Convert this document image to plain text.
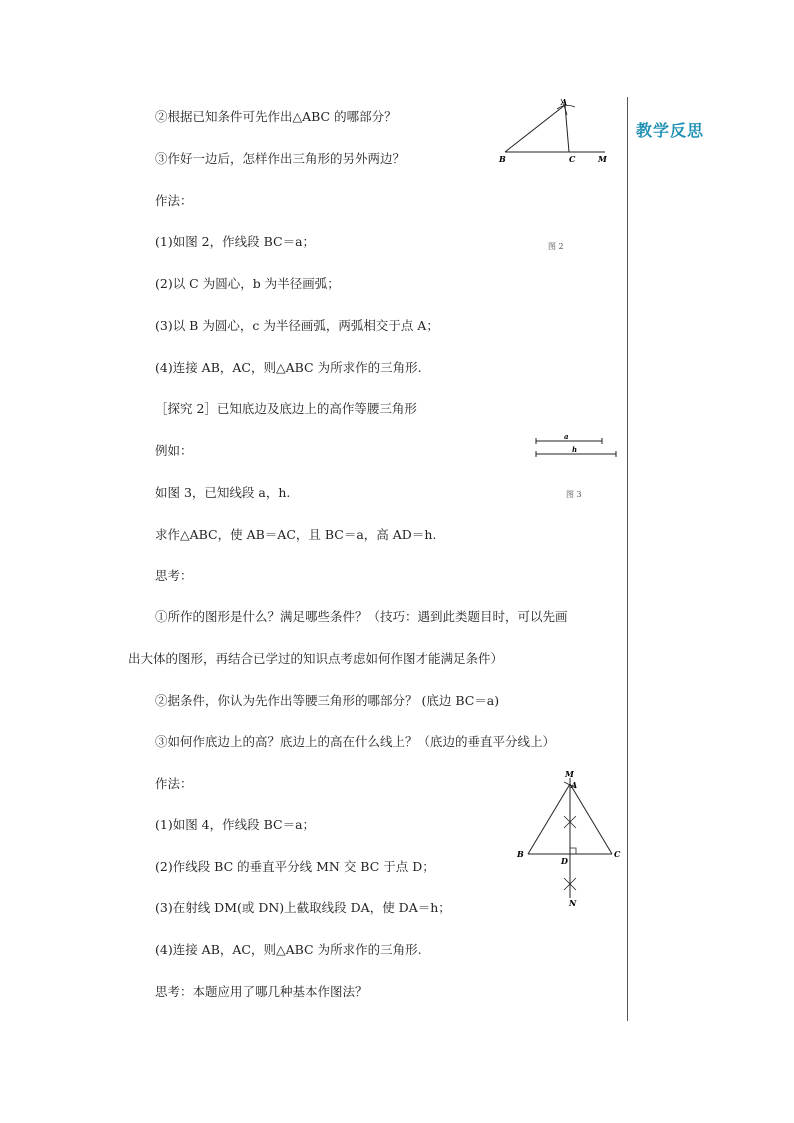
②根据已知条件可先作出△ABC 的哪部分？
③作好一边后，怎样作出三角形的另外两边？
作法：
(1)如图 2，作线段 BC＝a；
(2)以 C 为圆心，b 为半径画弧；
(3)以 B 为圆心，c 为半径画弧，两弧相交于点 A；
(4)连接 AB，AC，则△ABC 为所求作的三角形.
［探究 2］已知底边及底边上的高作等腰三角形
例如：
如图 3，已知线段 a，h.
求作△ABC，使 AB＝AC，且 BC＝a，高 AD＝h.
思考：
①所作的图形是什么？满足哪些条件？（技巧：遇到此类题目时，可以先画
出大体的图形，再结合已学过的知识点考虑如何作图才能满足条件）
②据条件，你认为先作出等腰三角形的哪部分？ (底边 BC＝a)
③如何作底边上的高？底边上的高在什么线上？（底边的垂直平分线上）
作法：
(1)如图 4，作线段 BC＝a；
(2)作线段 BC 的垂直平分线 MN 交 BC 于点 D；
(3)在射线 DM(或 DN)上截取线段 DA，使 DA＝h；
(4)连接 AB，AC，则△ABC 为所求作的三角形.
思考：本题应用了哪几种基本作图法？
教学反思
A
B	C	M
图 2
a
h
图 3
M
A
B
D
C
N
